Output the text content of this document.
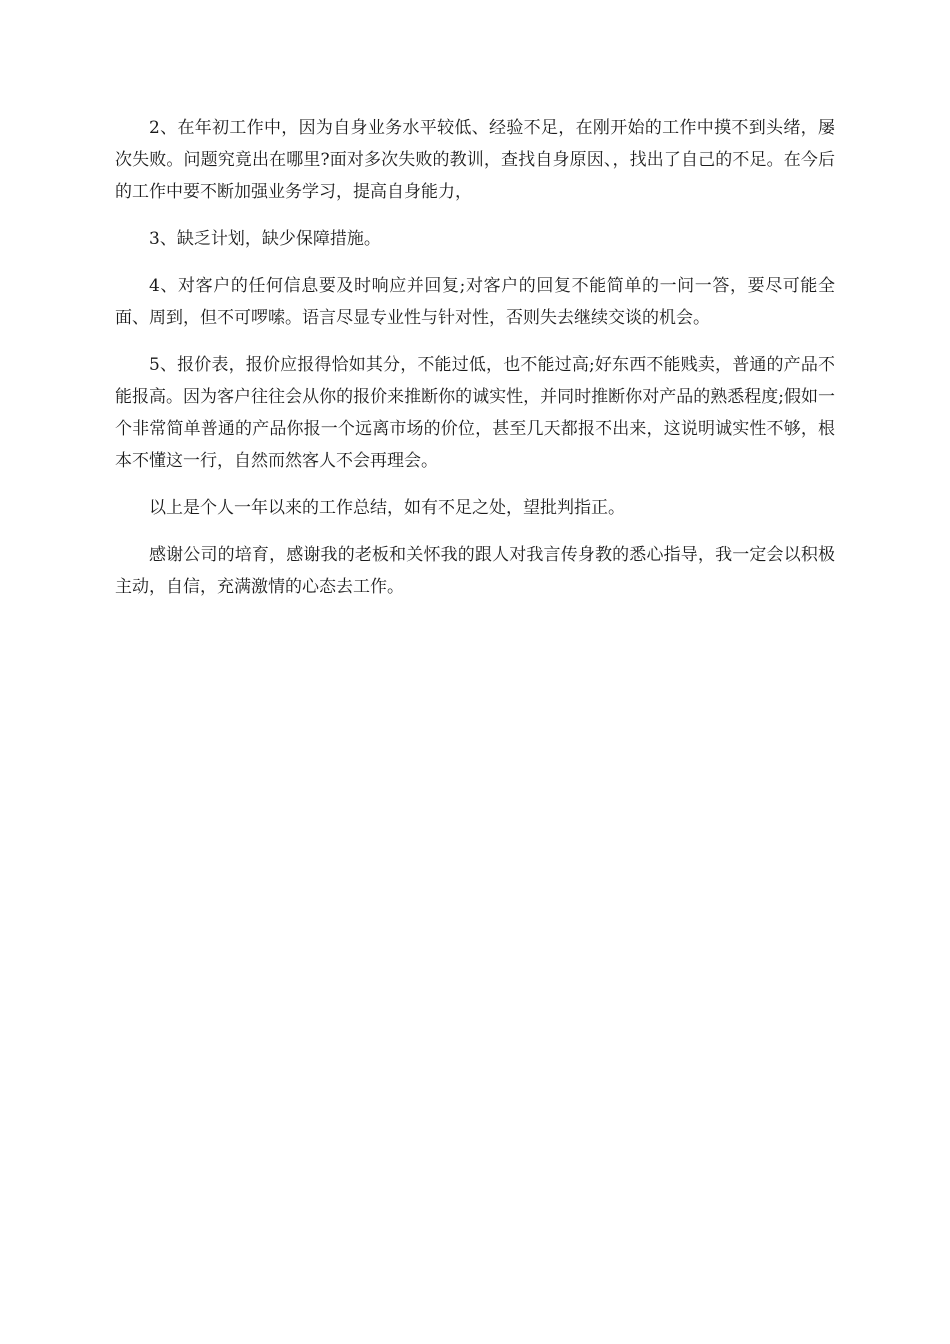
2、在年初工作中，因为自身业务水平较低、经验不足，在刚开始的工作中摸不到头绪，屡次失败。问题究竟出在哪里?面对多次失败的教训，查找自身原因、，找出了自己的不足。在今后的工作中要不断加强业务学习，提高自身能力，

3、缺乏计划，缺少保障措施。

4、对客户的任何信息要及时响应并回复;对客户的回复不能简单的一问一答，要尽可能全面、周到，但不可啰嗦。语言尽显专业性与针对性，否则失去继续交谈的机会。

5、报价表，报价应报得恰如其分，不能过低，也不能过高;好东西不能贱卖，普通的产品不能报高。因为客户往往会从你的报价来推断你的诚实性，并同时推断你对产品的熟悉程度;假如一个非常简单普通的产品你报一个远离市场的价位，甚至几天都报不出来，这说明诚实性不够，根本不懂这一行，自然而然客人不会再理会。

以上是个人一年以来的工作总结，如有不足之处，望批判指正。

感谢公司的培育，感谢我的老板和关怀我的跟人对我言传身教的悉心指导，我一定会以积极主动，自信，充满激情的心态去工作。
